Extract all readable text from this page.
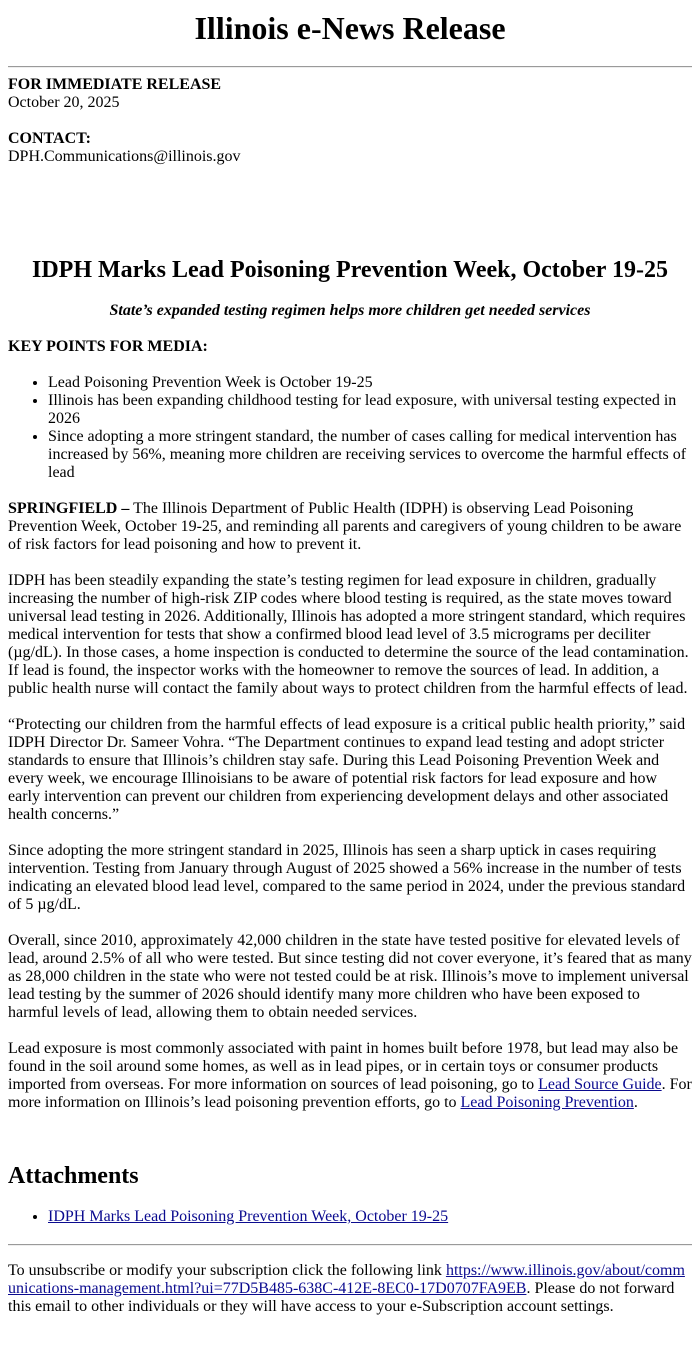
Illinois e-News Release
FOR IMMEDIATE RELEASE
October 20, 2025
CONTACT:
DPH.Communications@illinois.gov
IDPH Marks Lead Poisoning Prevention Week, October 19-25

State’s expanded testing regimen helps more children get needed services

KEY POINTS FOR MEDIA:

• Lead Poisoning Prevention Week is October 19-25
• Illinois has been expanding childhood testing for lead exposure, with universal testing expected in 2026
• Since adopting a more stringent standard, the number of cases calling for medical intervention has increased by 56%, meaning more children are receiving services to overcome the harmful effects of lead

SPRINGFIELD – The Illinois Department of Public Health (IDPH) is observing Lead Poisoning Prevention Week, October 19-25, and reminding all parents and caregivers of young children to be aware of risk factors for lead poisoning and how to prevent it.

IDPH has been steadily expanding the state’s testing regimen for lead exposure in children, gradually increasing the number of high-risk ZIP codes where blood testing is required, as the state moves toward universal lead testing in 2026. Additionally, Illinois has adopted a more stringent standard, which requires medical intervention for tests that show a confirmed blood lead level of 3.5 micrograms per deciliter (µg/dL). In those cases, a home inspection is conducted to determine the source of the lead contamination. If lead is found, the inspector works with the homeowner to remove the sources of lead. In addition, a public health nurse will contact the family about ways to protect children from the harmful effects of lead.

“Protecting our children from the harmful effects of lead exposure is a critical public health priority,” said IDPH Director Dr. Sameer Vohra. “The Department continues to expand lead testing and adopt stricter standards to ensure that Illinois’s children stay safe. During this Lead Poisoning Prevention Week and every week, we encourage Illinoisians to be aware of potential risk factors for lead exposure and how early intervention can prevent our children from experiencing development delays and other associated health concerns.”

Since adopting the more stringent standard in 2025, Illinois has seen a sharp uptick in cases requiring intervention. Testing from January through August of 2025 showed a 56% increase in the number of tests indicating an elevated blood lead level, compared to the same period in 2024, under the previous standard of 5 µg/dL.

Overall, since 2010, approximately 42,000 children in the state have tested positive for elevated levels of lead, around 2.5% of all who were tested. But since testing did not cover everyone, it’s feared that as many as 28,000 children in the state who were not tested could be at risk. Illinois’s move to implement universal lead testing by the summer of 2026 should identify many more children who have been exposed to harmful levels of lead, allowing them to obtain needed services.

Lead exposure is most commonly associated with paint in homes built before 1978, but lead may also be found in the soil around some homes, as well as in lead pipes, or in certain toys or consumer products imported from overseas. For more information on sources of lead poisoning, go to Lead Source Guide. For more information on Illinois’s lead poisoning prevention efforts, go to Lead Poisoning Prevention.

Attachments
• IDPH Marks Lead Poisoning Prevention Week, October 19-25

To unsubscribe or modify your subscription click the following link https://www.illinois.gov/about/communications-management.html?ui=77D5B485-638C-412E-8EC0-17D0707FA9EB. Please do not forward this email to other individuals or they will have access to your e-Subscription account settings.
